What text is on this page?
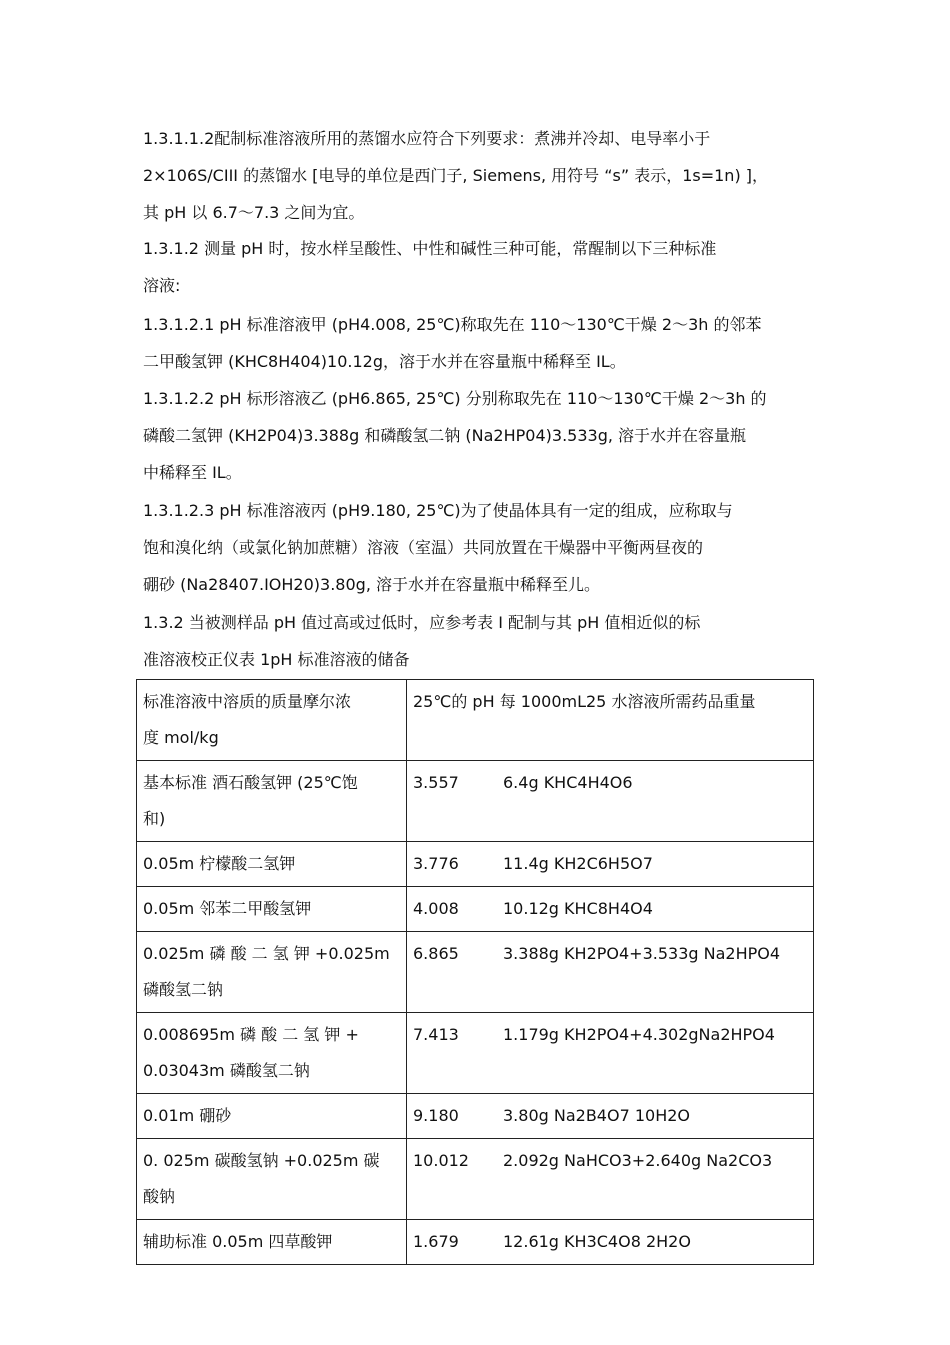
1.3.1.1.2配制标准溶液所用的蒸馏水应符合下列要求：煮沸并冷却、电导率小于
2×106S/CIII 的蒸馏水 [电导的单位是西门子, Siemens, 用符号 “s” 表示，1s=1n) ]，
其 pH 以 6.7～7.3 之间为宜。

1.3.1.2 测量 pH 时，按水样呈酸性、中性和碱性三种可能，常醒制以下三种标准
溶液:

1.3.1.2.1 pH 标准溶液甲 (pH4.008, 25℃)称取先在 110～130℃干燥 2～3h 的邻苯
二甲酸氢钾 (KHC8H404)10.12g，溶于水并在容量瓶中稀释至 IL。

1.3.1.2.2 pH 标形溶液乙 (pH6.865, 25℃) 分别称取先在 110～130℃干燥 2～3h 的
磷酸二氢钾 (KH2P04)3.388g 和磷酸氢二钠 (Na2HP04)3.533g, 溶于水并在容量瓶
中稀释至 IL。

1.3.1.2.3 pH 标准溶液丙 (pH9.180, 25℃)为了使晶体具有一定的组成，应称取与
饱和溴化纳（或氯化钠加蔗糖）溶液（室温）共同放置在干燥器中平衡两昼夜的
硼砂 (Na28407.IOH20)3.80g, 溶于水并在容量瓶中稀释至儿。

1.3.2 当被测样品 pH 值过高或过低时，应参考表 I 配制与其 pH 值相近似的标
准溶液校正仪表 1pH 标准溶液的储备

标准溶液中溶质的质量摩尔浓
度 mol/kg	25℃的 pH 每 1000mL25 水溶液所需药品重量

基本标准 酒石酸氢钾 (25℃饱
和)	3.557 6.4g KHC4H4O6

0.05m 柠檬酸二氢钾	3.776 11.4g KH2C6H5O7

0.05m 邻苯二甲酸氢钾	4.008 10.12g KHC8H4O4

0.025m 磷 酸 二 氢 钾 +0.025m
磷酸氢二钠	6.865 3.388g KH2PO4+3.533g Na2HPO4

0.008695m 磷 酸 二 氢 钾 +
0.03043m 磷酸氢二钠	7.413 1.179g KH2PO4+4.302gNa2HPO4

0.01m 硼砂	9.180 3.80g Na2B4O7 10H2O

0. 025m 碳酸氢钠 +0.025m 碳
酸钠	10.012 2.092g NaHCO3+2.640g Na2CO3

辅助标准 0.05m 四草酸钾	1.679 12.61g KH3C4O8 2H2O
